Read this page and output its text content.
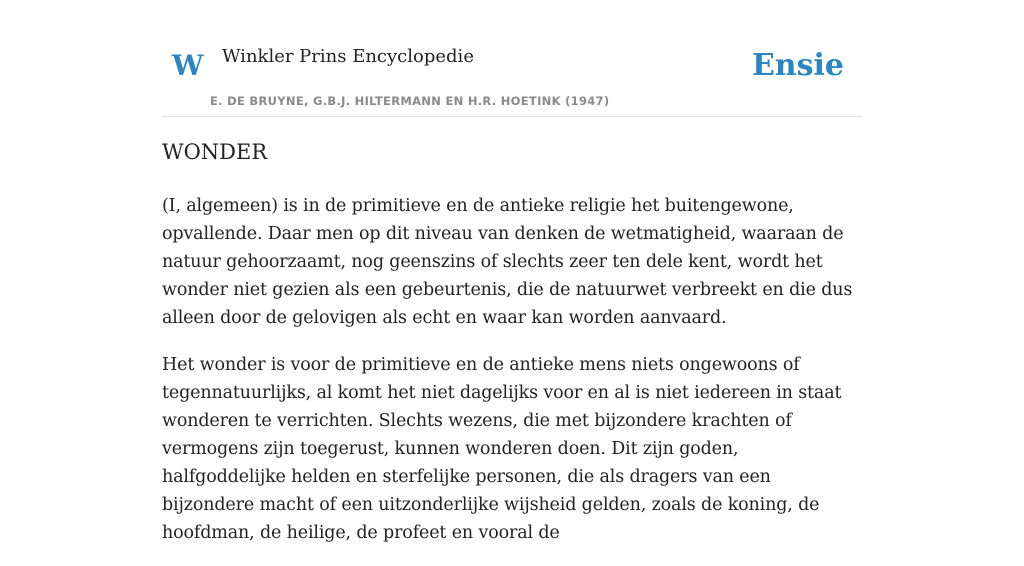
W Winkler Prins Encyclopedie
E. DE BRUYNE, G.B.J. HILTERMANN EN H.R. HOETINK (1947)
Ensie
WONDER

(I, algemeen) is in de primitieve en de antieke religie het buitengewone, opvallende. Daar men op dit niveau van denken de wetmatigheid, waaraan de natuur gehoorzaamt, nog geenszins of slechts zeer ten dele kent, wordt het wonder niet gezien als een gebeurtenis, die de natuurwet verbreekt en die dus alleen door de gelovigen als echt en waar kan worden aanvaard.

Het wonder is voor de primitieve en de antieke mens niets ongewoons of tegennatuurlijks, al komt het niet dagelijks voor en al is niet iedereen in staat wonderen te verrichten. Slechts wezens, die met bijzondere krachten of vermogens zijn toegerust, kunnen wonderen doen. Dit zijn goden, halfgoddelijke helden en sterfelijke personen, die als dragers van een bijzondere macht of een uitzonderlijke wijsheid gelden, zoals de koning, de hoofdman, de heilige, de profeet en vooral de
